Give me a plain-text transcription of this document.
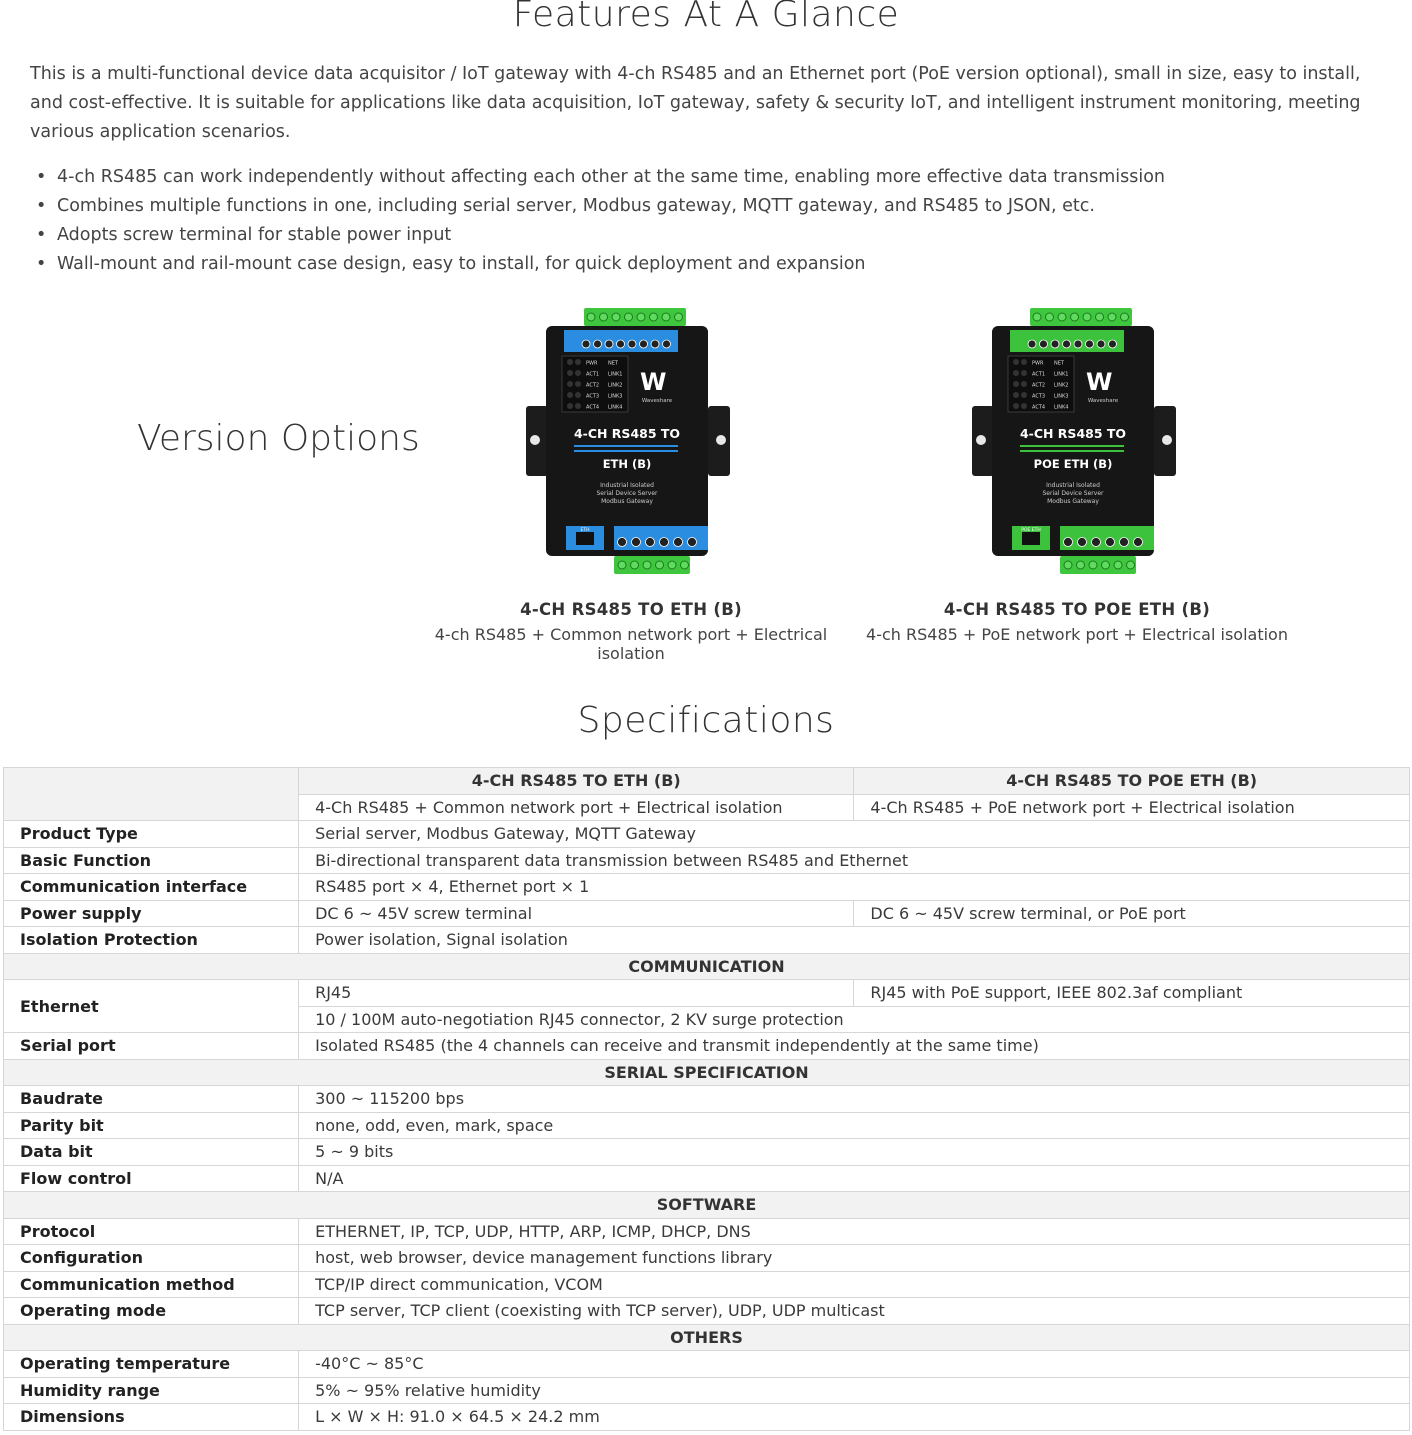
Features At A Glance

This is a multi-functional device data acquisitor / IoT gateway with 4-ch RS485 and an Ethernet port (PoE version optional), small in size, easy to install, and cost-effective. It is suitable for applications like data acquisition, IoT gateway, safety & security IoT, and intelligent instrument monitoring, meeting various application scenarios.

• 4-ch RS485 can work independently without affecting each other at the same time, enabling more effective data transmission
• Combines multiple functions in one, including serial server, Modbus gateway, MQTT gateway, and RS485 to JSON, etc.
• Adopts screw terminal for stable power input
• Wall-mount and rail-mount case design, easy to install, for quick deployment and expansion
Version Options
PWR NET
ACT1 LINK1
ACT2 LINK2
ACT3 LINK3
ACT4 LINK4
W
Waveshare
4-CH RS485 TO
ETH (B)
Industrial Isolated
Serial Device Server
Modbus Gateway
ETH
4-CH RS485 TO ETH (B)
4-ch RS485 + Common network port + Electrical isolation
PWR NET
ACT1 LINK1
ACT2 LINK2
ACT3 LINK3
ACT4 LINK4
W
Waveshare
4-CH RS485 TO
POE ETH (B)
Industrial Isolated
Serial Device Server
Modbus Gateway
POE ETH
4-CH RS485 TO POE ETH (B)
4-ch RS485 + PoE network port + Electrical isolation
Specifications
	4-CH RS485 TO ETH (B)	4-CH RS485 TO POE ETH (B)
	4-Ch RS485 + Common network port + Electrical isolation	4-Ch RS485 + PoE network port + Electrical isolation
Product Type	Serial server, Modbus Gateway, MQTT Gateway	
Basic Function	Bi-directional transparent data transmission between RS485 and Ethernet	
Communication interface	RS485 port × 4, Ethernet port × 1	
Power supply	DC 6 ~ 45V screw terminal	DC 6 ~ 45V screw terminal, or PoE port
Isolation Protection	Power isolation, Signal isolation	
COMMUNICATION		
Ethernet	RJ45	RJ45 with PoE support, IEEE 802.3af compliant
	10 / 100M auto-negotiation RJ45 connector, 2 KV surge protection	
Serial port	Isolated RS485 (the 4 channels can receive and transmit independently at the same time)	
SERIAL SPECIFICATION		
Baudrate	300 ~ 115200 bps	
Parity bit	none, odd, even, mark, space	
Data bit	5 ~ 9 bits	
Flow control	N/A	
SOFTWARE		
Protocol	ETHERNET, IP, TCP, UDP, HTTP, ARP, ICMP, DHCP, DNS	
Configuration	host, web browser, device management functions library	
Communication method	TCP/IP direct communication, VCOM	
Operating mode	TCP server, TCP client (coexisting with TCP server), UDP, UDP multicast	
OTHERS		
Operating temperature	-40°C ~ 85°C	
Humidity range	5% ~ 95% relative humidity	
Dimensions	L × W × H: 91.0 × 64.5 × 24.2 mm	
